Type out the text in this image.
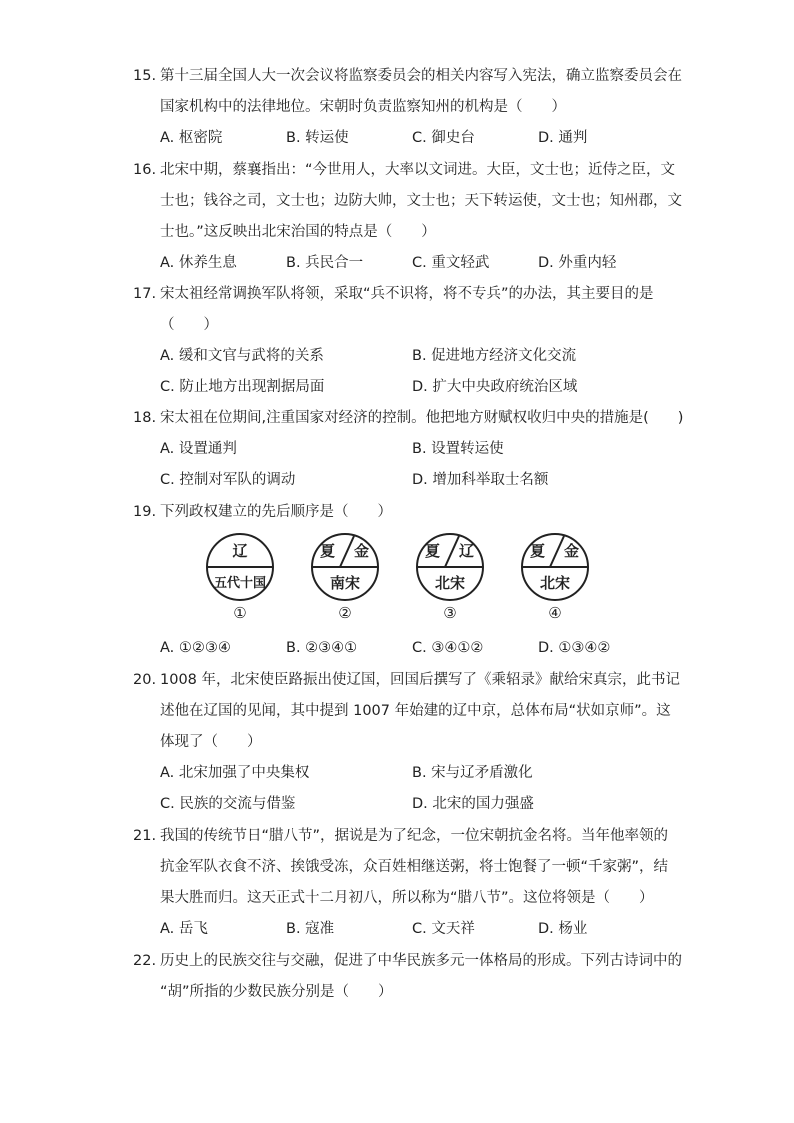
15. 第十三届全国人大一次会议将监察委员会的相关内容写入宪法，确立监察委员会在
国家机构中的法律地位。宋朝时负责监察知州的机构是（　　）
A. 枢密院	B. 转运使	C. 御史台	D. 通判
16. 北宋中期，蔡襄指出：“今世用人，大率以文词进。大臣，文士也；近侍之臣，文
士也；钱谷之司，文士也；边防大帅，文士也；天下转运使，文士也；知州郡，文
士也。”这反映出北宋治国的特点是（　　）
A. 休养生息	B. 兵民合一	C. 重文轻武	D. 外重内轻
17. 宋太祖经常调换军队将领，采取“兵不识将，将不专兵”的办法，其主要目的是
（　　）
A. 缓和文官与武将的关系	B. 促进地方经济文化交流
C. 防止地方出现割据局面	D. 扩大中央政府统治区域
18. 宋太祖在位期间,注重国家对经济的控制。他把地方财赋权收归中央的措施是(　　)
A. 设置通判	B. 设置转运使
C. 控制对军队的调动	D. 增加科举取士名额
19. 下列政权建立的先后顺序是（　　）
辽
五代十国
①
夏 金
南宋
②
夏 辽
北宋
③
夏 金
北宋
④
A. ①②③④	B. ②③④①	C. ③④①②	D. ①③④②
20. 1008 年，北宋使臣路振出使辽国，回国后撰写了《乘轺录》献给宋真宗，此书记
述他在辽国的见闻，其中提到 1007 年始建的辽中京，总体布局“状如京师”。这
体现了（　　）
A. 北宋加强了中央集权	B. 宋与辽矛盾激化
C. 民族的交流与借鉴	D. 北宋的国力强盛
21. 我国的传统节日“腊八节”，据说是为了纪念，一位宋朝抗金名将。当年他率领的
抗金军队衣食不济、挨饿受冻，众百姓相继送粥，将士饱餐了一顿“千家粥”，结
果大胜而归。这天正式十二月初八，所以称为“腊八节”。这位将领是（　　）
A. 岳飞	B. 寇准	C. 文天祥	D. 杨业
22. 历史上的民族交往与交融，促进了中华民族多元一体格局的形成。下列古诗词中的
“胡”所指的少数民族分别是（　　）
